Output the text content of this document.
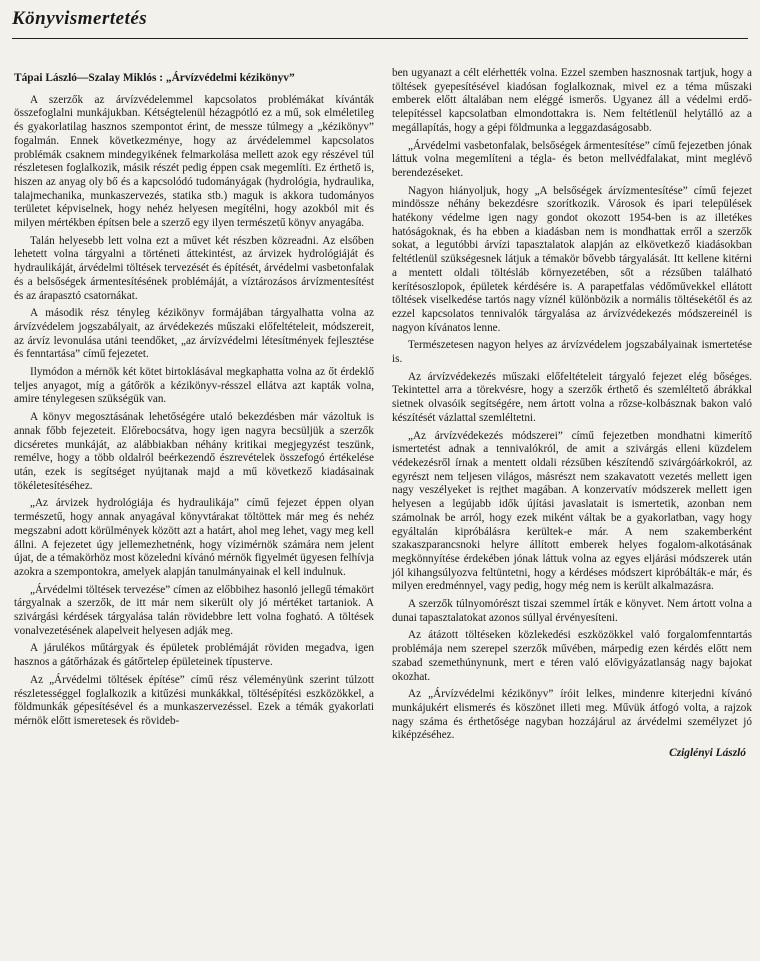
Könyvismertetés
Tápai László—Szalay Miklós : „Árvízvédelmi kézikönyv”

A szerzők az árvízvédelemmel kapcsolatos problémákat kívánták összefoglalni munkájukban. Kétségtelenül hézagpótló ez a mű, sok elméletileg és gyakorlatilag hasznos szempontot érint, de messze túlmegy a „kézikönyv” fogalmán. Ennek következménye, hogy az árvédelemmel kapcsolatos problémák csaknem mindegyikének felmarkolása mellett azok egy részével túl részletesen foglalkozik, másik részét pedig éppen csak megemlíti. Ez érthető is, hiszen az anyag oly bő és a kapcsolódó tudományágak (hydrológia, hydraulika, talajmechanika, munkaszervezés, statika stb.) maguk is akkora tudományos területet képviselnek, hogy nehéz helyesen megítélni, hogy azokból mit és milyen mértékben építsen bele a szerző egy ilyen természetű könyv anyagába.

Talán helyesebb lett volna ezt a művet két részben közreadni. Az elsőben lehetett volna tárgyalni a történeti áttekintést, az árvizek hydrológiáját és hydraulikáját, árvédelmi töltések tervezését és építését, árvédelmi vasbetonfalak és a belsőségek ármentesítésének problémáját, a víztározásos árvízmentesítést és az árapasztó csatornákat.

A második rész tényleg kézikönyv formájában tárgyalhatta volna az árvízvédelem jogszabályait, az árvédekezés műszaki előfeltételeit, módszereit, az árvíz levonulása utáni teendőket, „az árvízvédelmi létesítmények fejlesztése és fenntartása” című fejezetet.

Ilymódon a mérnök két kötet birtoklásával megkaphatta volna az őt érdeklő teljes anyagot, míg a gátőrök a kézikönyv-résszel ellátva azt kapták volna, amire ténylegesen szükségük van.

A könyv megosztásának lehetőségére utaló bekezdésben már vázoltuk is annak főbb fejezeteit. Előrebocsátva, hogy igen nagyra becsüljük a szerzők dicséretes munkáját, az alábbiakban néhány kritikai megjegyzést teszünk, remélve, hogy a több oldalról beérkezendő észrevételek összefogó értékelése után, ezek is segítséget nyújtanak majd a mű következő kiadásainak tökéletesítéséhez.

„Az árvizek hydrológiája és hydraulikája” című fejezet éppen olyan természetű, hogy annak anyagával könyvtárakat töltöttek már meg és nehéz megszabni adott körülmények között azt a határt, ahol meg lehet, vagy meg kell állni. A fejezetet úgy jellemezhetnénk, hogy vízimérnök számára nem jelent újat, de a témakörhöz most közeledni kívánó mérnök figyelmét ügyesen felhívja azokra a szempontokra, amelyek alapján tanulmányainak el kell indulnuk.

„Árvédelmi töltések tervezése” címen az előbbihez hasonló jellegű témakört tárgyalnak a szerzők, de itt már nem sikerült oly jó mértéket tartaniok. A szivárgási kérdések tárgyalása talán rövidebbre lett volna fogható. A töltések vonalvezetésének alapelveit helyesen adják meg.

A járulékos műtárgyak és épületek problémáját röviden megadva, igen hasznos a gátőrházak és gátőrtelep épületeinek típusterve.

Az „Árvédelmi töltések építése” című rész véleményünk szerint túlzott részletességgel foglalkozik a kitűzési munkákkal, töltésépítési eszközökkel, a földmunkák gépesítésével és a munkaszervezéssel. Ezek a témák gyakorlati mérnök előtt ismeretesek és rövideb-

ben ugyanazt a célt elérhették volna. Ezzel szemben hasznosnak tartjuk, hogy a töltések gyepesítésével kiadósan foglalkoznak, mivel ez a téma műszaki emberek előtt általában nem eléggé ismerős. Ugyanez áll a védelmi erdő-telepítéssel kapcsolatban elmondottakra is. Nem feltétlenül helytálló az a megállapítás, hogy a gépi földmunka a leggazdaságosabb.

„Árvédelmi vasbetonfalak, belsőségek ármentesítése” című fejezetben jónak láttuk volna megemlíteni a tégla- és beton mellvédfalakat, mint meglévő berendezéseket.

Nagyon hiányoljuk, hogy „A belsőségek árvízmentesítése” című fejezet mindössze néhány bekezdésre szorítkozik. Városok és ipari települések hatékony védelme igen nagy gondot okozott 1954-ben is az illetékes hatóságoknak, és ha ebben a kiadásban nem is mondhattak erről a szerzők sokat, a legutóbbi árvízi tapasztalatok alapján az elkövetkező kiadásokban feltétlenül szükségesnek látjuk a témakör bővebb tárgyalását. Itt kellene kitérni a mentett oldali töltésláb környezetében, sőt a rézsűben található kerítésoszlopok, épületek kérdésére is. A parapetfalas védőművekkel ellátott töltések viselkedése tartós nagy víznél különbözik a normális töltésekétől és az ezzel kapcsolatos tennivalók tárgyalása az árvízvédekezés módszereinél is nagyon kívánatos lenne.

Természetesen nagyon helyes az árvízvédelem jogszabályainak ismertetése is.

Az árvízvédekezés műszaki előfeltételeit tárgyaló fejezet elég bőséges. Tekintettel arra a törekvésre, hogy a szerzők érthető és szemléltető ábrákkal sietnek olvasóik segítségére, nem ártott volna a rőzse-kolbásznak bakon való készítését vázlattal szemléltetni.

„Az árvízvédekezés módszerei” című fejezetben mondhatni kimerítő ismertetést adnak a tennivalókról, de amit a szivárgás elleni küzdelem védekezésről írnak a mentett oldali rézsűben készítendő szivárgóárkokról, az egyrészt nem teljesen világos, másrészt nem szakavatott vezetés mellett igen nagy veszélyeket is rejthet magában. A konzervatív módszerek mellett igen helyesen a legújabb idők újítási javaslatait is ismertetik, azonban nem számolnak be arról, hogy ezek miként váltak be a gyakorlatban, vagy hogy egyáltalán kipróbálásra kerültek-e már. A nem szakemberként szakaszparancsnoki helyre állított emberek helyes fogalom-alkotásának megkönnyítése érdekében jónak láttuk volna az egyes eljárási módszerek után jól kihangsúlyozva feltüntetni, hogy a kérdéses módszert kipróbálták-e már, és milyen eredménnyel, vagy pedig, hogy még nem is került alkalmazásra.

A szerzők túlnyomórészt tiszai szemmel írták e könyvet. Nem ártott volna a dunai tapasztalatokat azonos súllyal érvényesíteni.

Az átázott töltéseken közlekedési eszközökkel való forgalomfenntartás problémája nem szerepel szerzők művében, márpedig ezen kérdés előtt nem szabad szemethúnynunk, mert e téren való elővigyázatlanság nagy bajokat okozhat.

Az „Árvízvédelmi kézikönyv” íróit lelkes, mindenre kiterjedni kívánó munkájukért elismerés és köszönet illeti meg. Művük átfogó volta, a rajzok nagy száma és érthetősége nagyban hozzájárul az árvédelmi személyzet jó kiképzéséhez.

Cziglényi László
